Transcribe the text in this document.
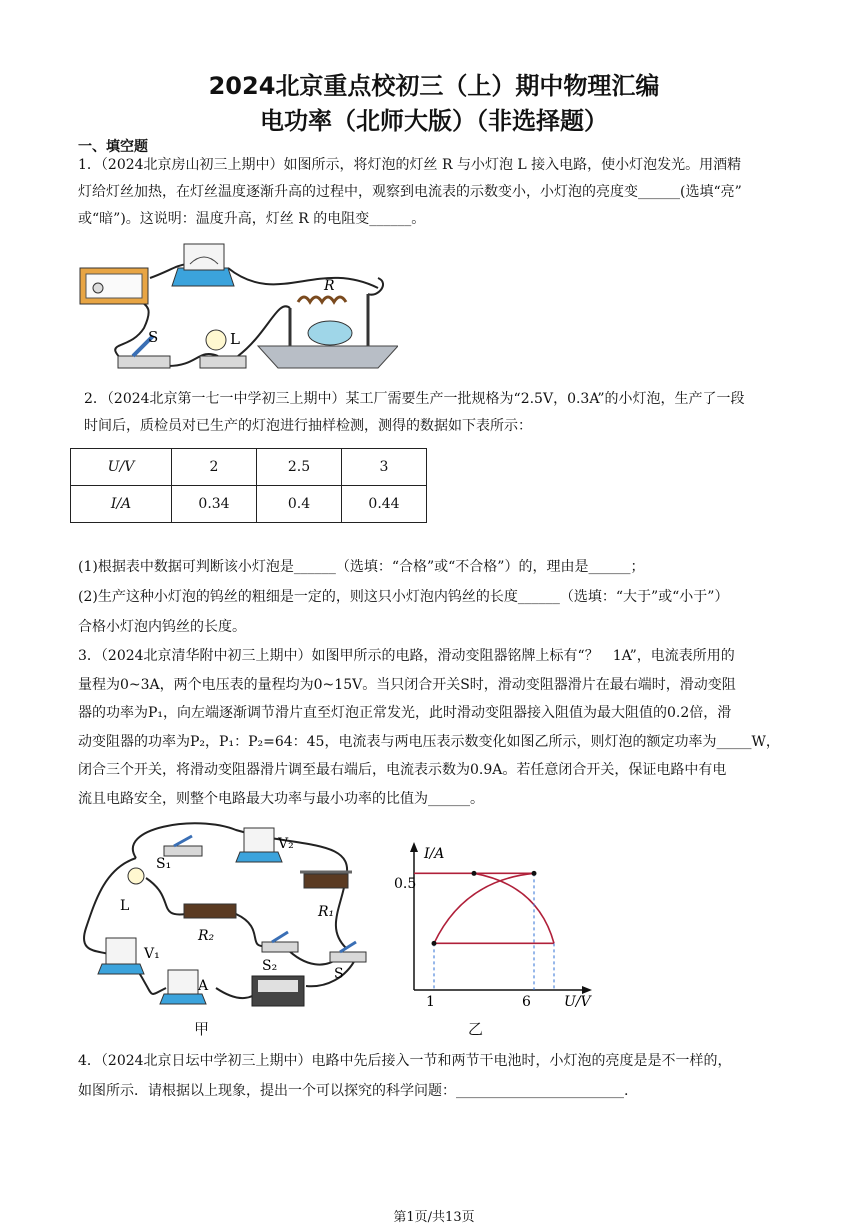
2024北京重点校初三（上）期中物理汇编
电功率（北师大版）（非选择题）
一、填空题
1．（2024北京房山初三上期中）如图所示，将灯泡的灯丝 R 与小灯泡 L 接入电路，使小灯泡发光。用酒精
灯给灯丝加热，在灯丝温度逐渐升高的过程中，观察到电流表的示数变小，小灯泡的亮度变______(选填“亮”
或“暗”)。这说明：温度升高，灯丝 R 的电阻变______。
R
S	L
2．（2024北京第一七一中学初三上期中）某工厂需要生产一批规格为“2.5V，0.3A”的小灯泡，生产了一段
时间后，质检员对已生产的灯泡进行抽样检测，测得的数据如下表所示：
U/V	2	2.5	3
I/A	0.34	0.4	0.44
(1)根据表中数据可判断该小灯泡是______（选填：“合格”或“不合格”）的，理由是______；
(2)生产这种小灯泡的钨丝的粗细是一定的，则这只小灯泡内钨丝的长度______（选填：“大于”或“小于”）
合格小灯泡内钨丝的长度。
3．（2024北京清华附中初三上期中）如图甲所示的电路，滑动变阻器铭牌上标有“？　1A”，电流表所用的
量程为0~3A，两个电压表的量程均为0~15V。当只闭合开关S时，滑动变阻器滑片在最右端时，滑动变阻
器的功率为P₁，向左端逐渐调节滑片直至灯泡正常发光，此时滑动变阻器接入阻值为最大阻值的0.2倍，滑
动变阻器的功率为P₂，P₁：P₂=64：45，电流表与两电压表示数变化如图乙所示，则灯泡的额定功率为_____W，
闭合三个开关，将滑动变阻器滑片调至最右端后，电流表示数为0.9A。若任意闭合开关，保证电路中有电
流且电路安全，则整个电路最大功率与最小功率的比值为______。
S₁
V₂
L	R₁
R₂
V₁
S₂	S
A
甲
I/A
U/V
0.5
1	6
乙
4．（2024北京日坛中学初三上期中）电路中先后接入一节和两节干电池时，小灯泡的亮度是是不一样的，
如图所示．请根据以上现象，提出一个可以探究的科学问题：________________________.
第1页/共13页
